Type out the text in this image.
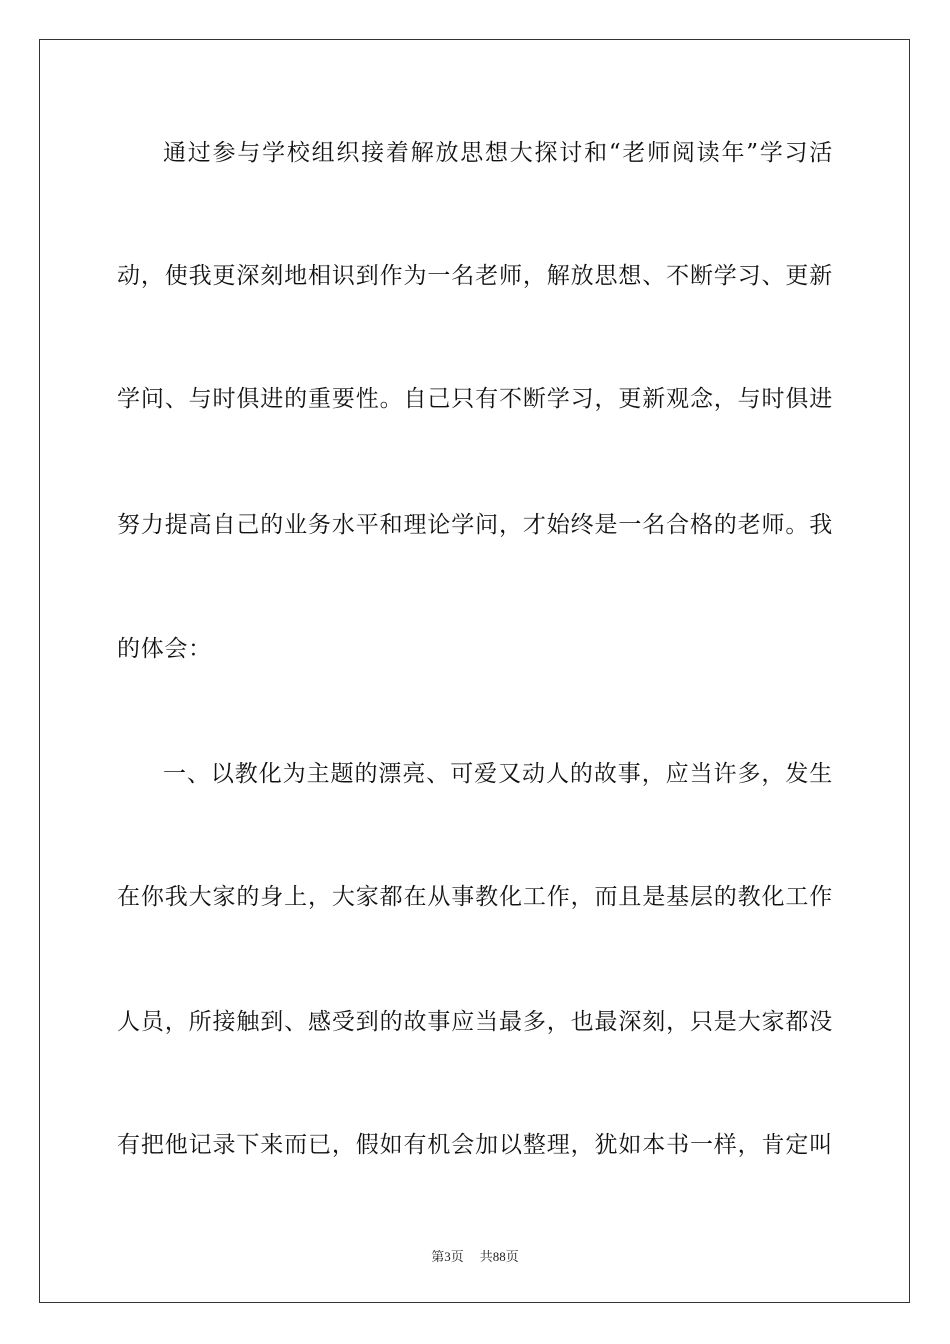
通过参与学校组织接着解放思想大探讨和“老师阅读年”学习活
动，使我更深刻地相识到作为一名老师，解放思想、不断学习、更新
学问、与时俱进的重要性。自己只有不断学习，更新观念，与时俱进
努力提高自己的业务水平和理论学问，才始终是一名合格的老师。我
的体会：
一、以教化为主题的漂亮、可爱又动人的故事，应当许多，发生
在你我大家的身上，大家都在从事教化工作，而且是基层的教化工作
人员，所接触到、感受到的故事应当最多，也最深刻，只是大家都没
有把他记录下来而已，假如有机会加以整理，犹如本书一样，肯定叫
第3页 共88页
